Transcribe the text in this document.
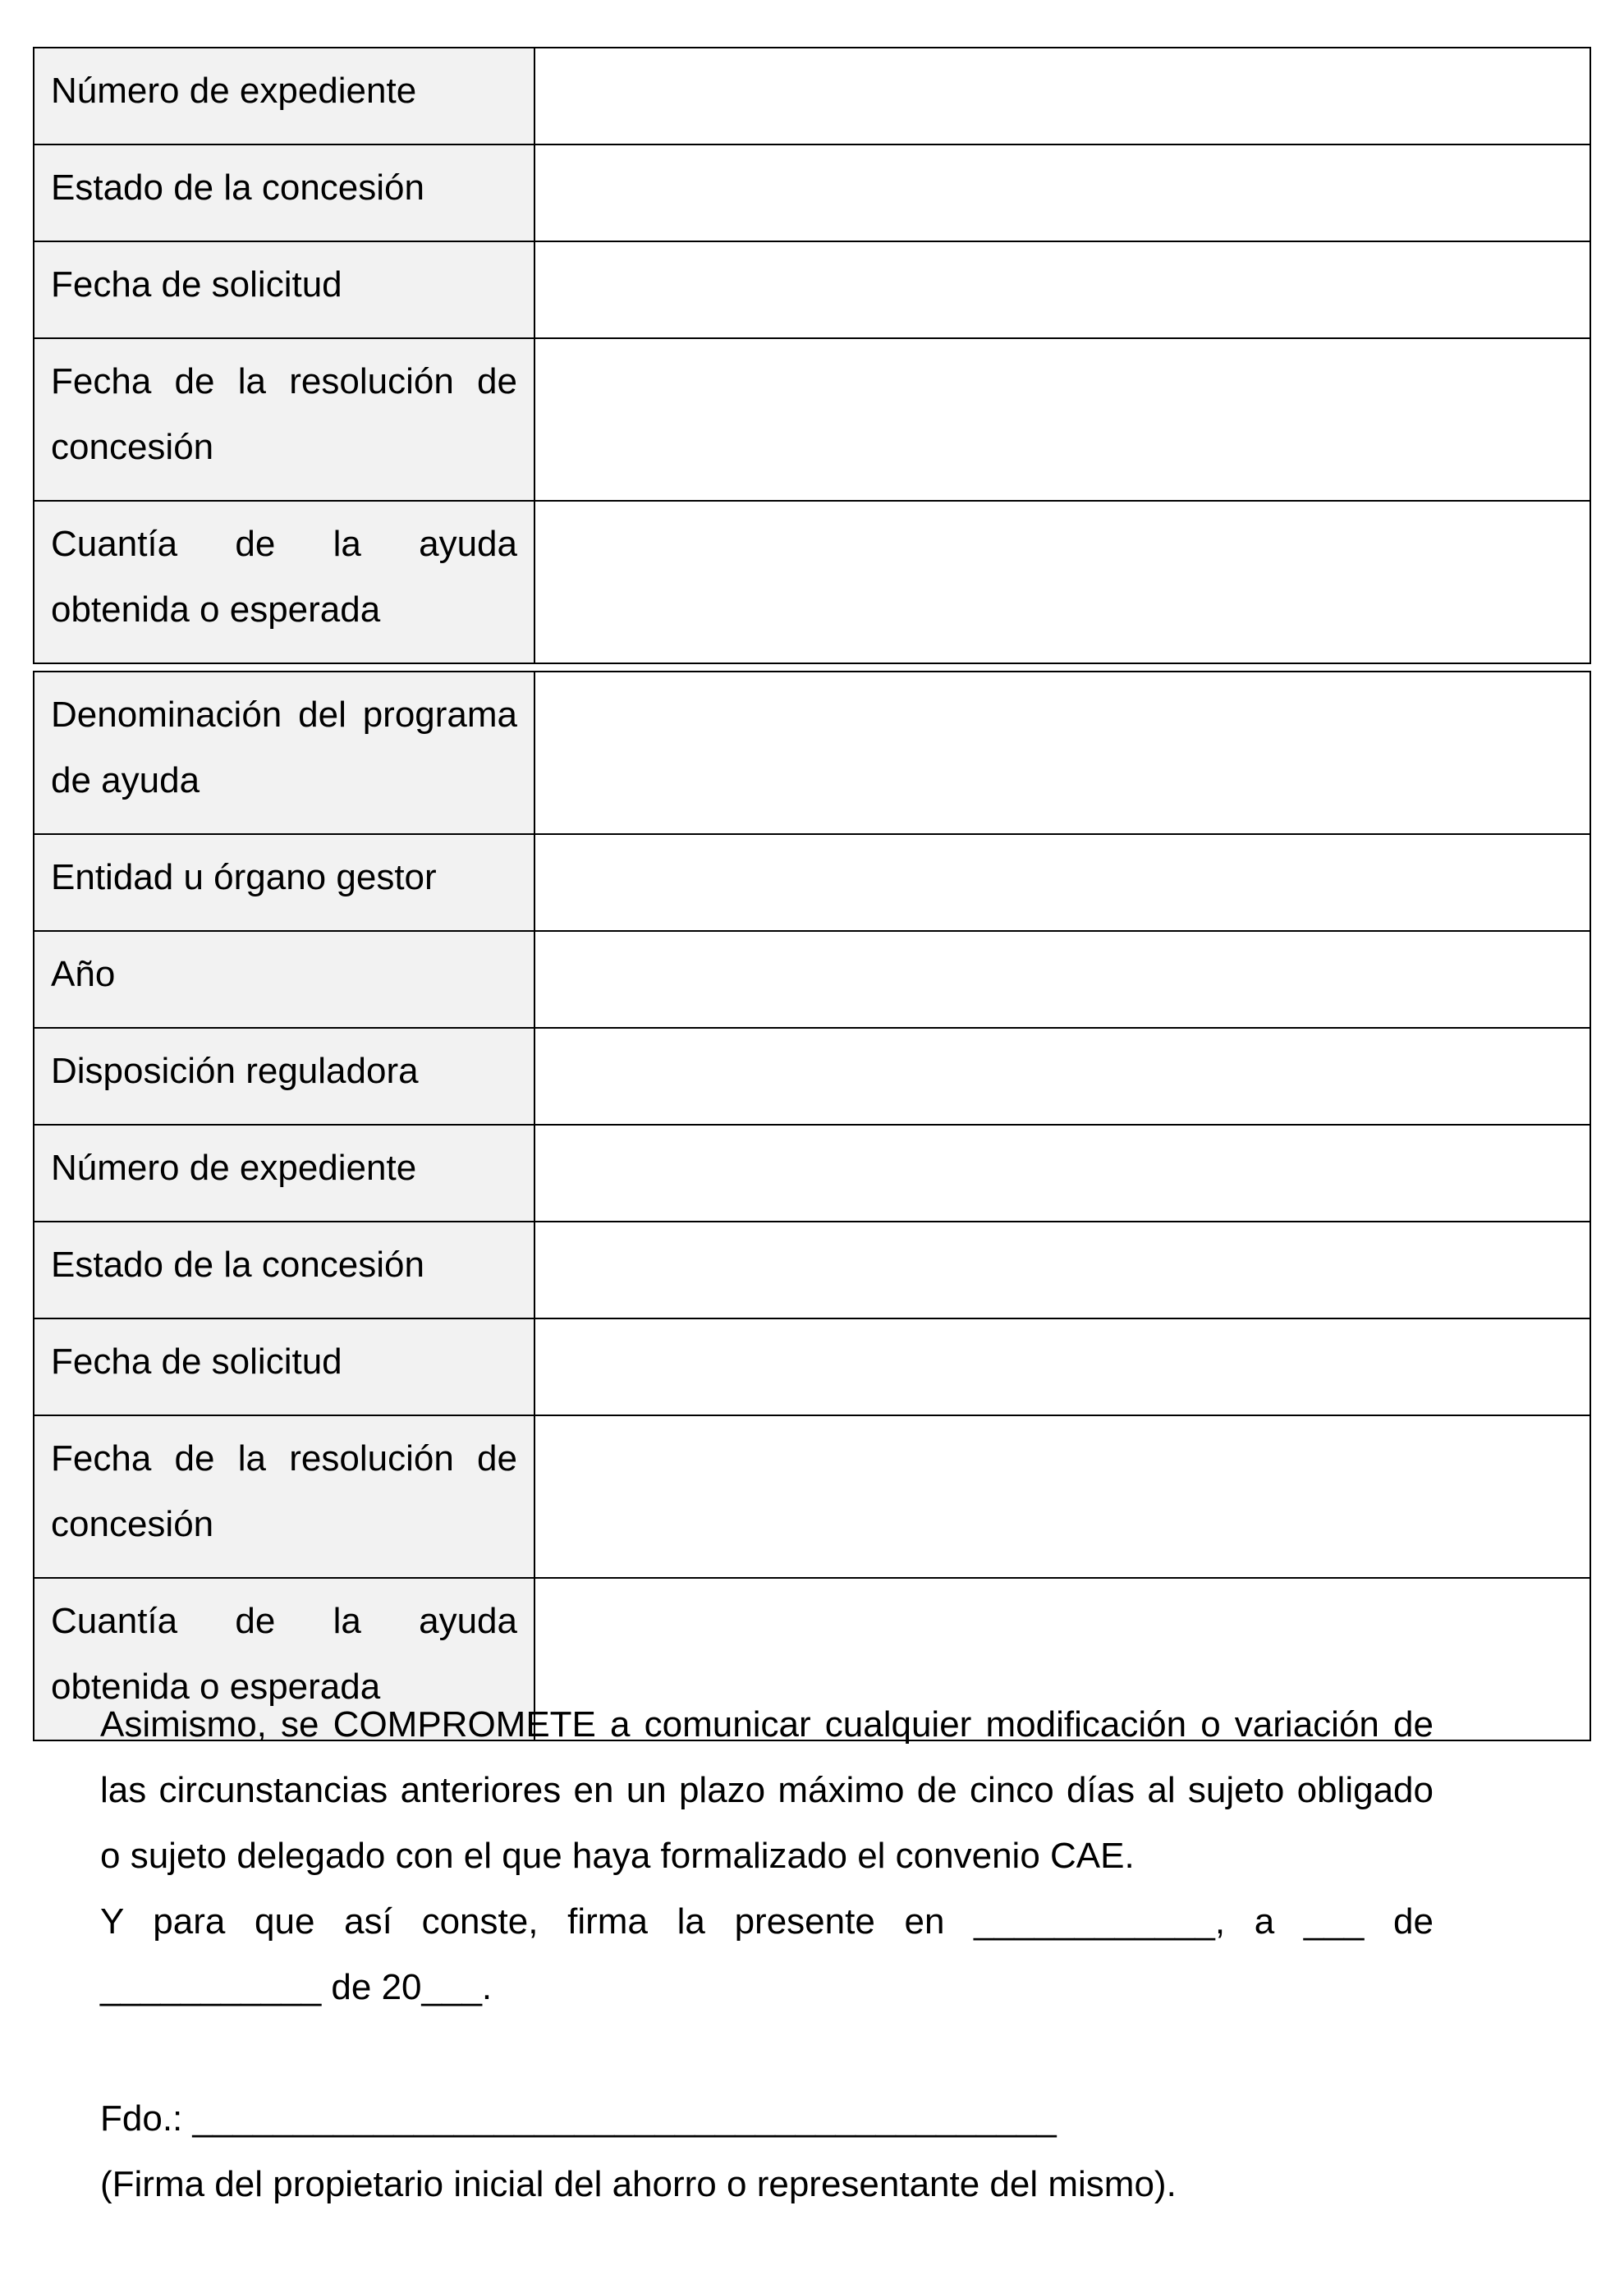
Número de expediente	
Estado de la concesión	
Fecha de solicitud	
Fecha de la resolución de concesión	
Cuantía de la ayuda obtenida o esperada	
Denominación del programa de ayuda	
Entidad u órgano gestor	
Año	
Disposición reguladora	
Número de expediente	
Estado de la concesión	
Fecha de solicitud	
Fecha de la resolución de concesión	
Cuantía de la ayuda obtenida o esperada	

Asimismo, se COMPROMETE a comunicar cualquier modificación o variación de las circunstancias anteriores en un plazo máximo de cinco días al sujeto obligado o sujeto delegado con el que haya formalizado el convenio CAE.

Y para que así conste, firma la presente en ____________, a ___ de

___________ de 20___.

Fdo.: ___________________________________________

(Firma del propietario inicial del ahorro o representante del mismo).
